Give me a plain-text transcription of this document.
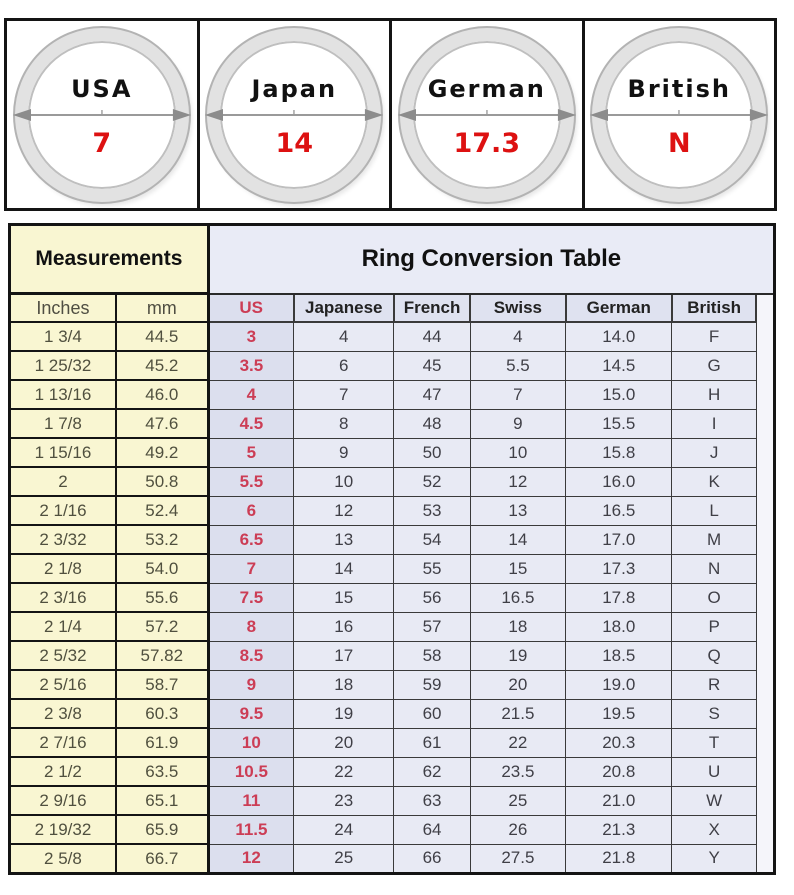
USA
7
Japan
14
German
17.3
British
N
Measurements		Ring Conversion Table						
Inches	mm	US	Japanese	French	Swiss	German	British	
1 3/4	44.5	3	4	44	4	14.0	F	
1 25/32	45.2	3.5	6	45	5.5	14.5	G	
1 13/16	46.0	4	7	47	7	15.0	H	
1 7/8	47.6	4.5	8	48	9	15.5	I	
1 15/16	49.2	5	9	50	10	15.8	J	
2	50.8	5.5	10	52	12	16.0	K	
2 1/16	52.4	6	12	53	13	16.5	L	
2 3/32	53.2	6.5	13	54	14	17.0	M	
2 1/8	54.0	7	14	55	15	17.3	N	
2 3/16	55.6	7.5	15	56	16.5	17.8	O	
2 1/4	57.2	8	16	57	18	18.0	P	
2 5/32	57.82	8.5	17	58	19	18.5	Q	
2 5/16	58.7	9	18	59	20	19.0	R	
2 3/8	60.3	9.5	19	60	21.5	19.5	S	
2 7/16	61.9	10	20	61	22	20.3	T	
2 1/2	63.5	10.5	22	62	23.5	20.8	U	
2 9/16	65.1	11	23	63	25	21.0	W	
2 19/32	65.9	11.5	24	64	26	21.3	X	
2 5/8	66.7	12	25	66	27.5	21.8	Y	
